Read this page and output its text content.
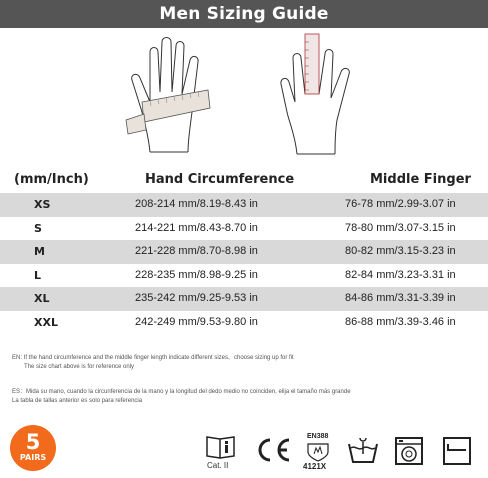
Men Sizing Guide
(mm/Inch)	Hand Circumference	Middle Finger
XS	208-214 mm/8.19-8.43 in	76-78 mm/2.99-3.07 in
S	214-221 mm/8.43-8.70 in	78-80 mm/3.07-3.15 in
M	221-228 mm/8.70-8.98 in	80-82 mm/3.15-3.23 in
L	228-235 mm/8.98-9.25 in	82-84 mm/3.23-3.31 in
XL	235-242 mm/9.25-9.53 in	84-86 mm/3.31-3.39 in
XXL	242-249 mm/9.53-9.80 in	86-88 mm/3.39-3.46 in
EN: If the hand circumference and the middle finger length indicate different sizes，choose sizing up for fit
The size chart above is for reference only
ES：Mida su mano, cuando la circunferencia de la mano y la longitud del dedo medio no coinciden, elija el tamaño más grande
La tabla de tallas anterior es solo para referencia
5
PAIRS
Cat. II
EN388
4121X
